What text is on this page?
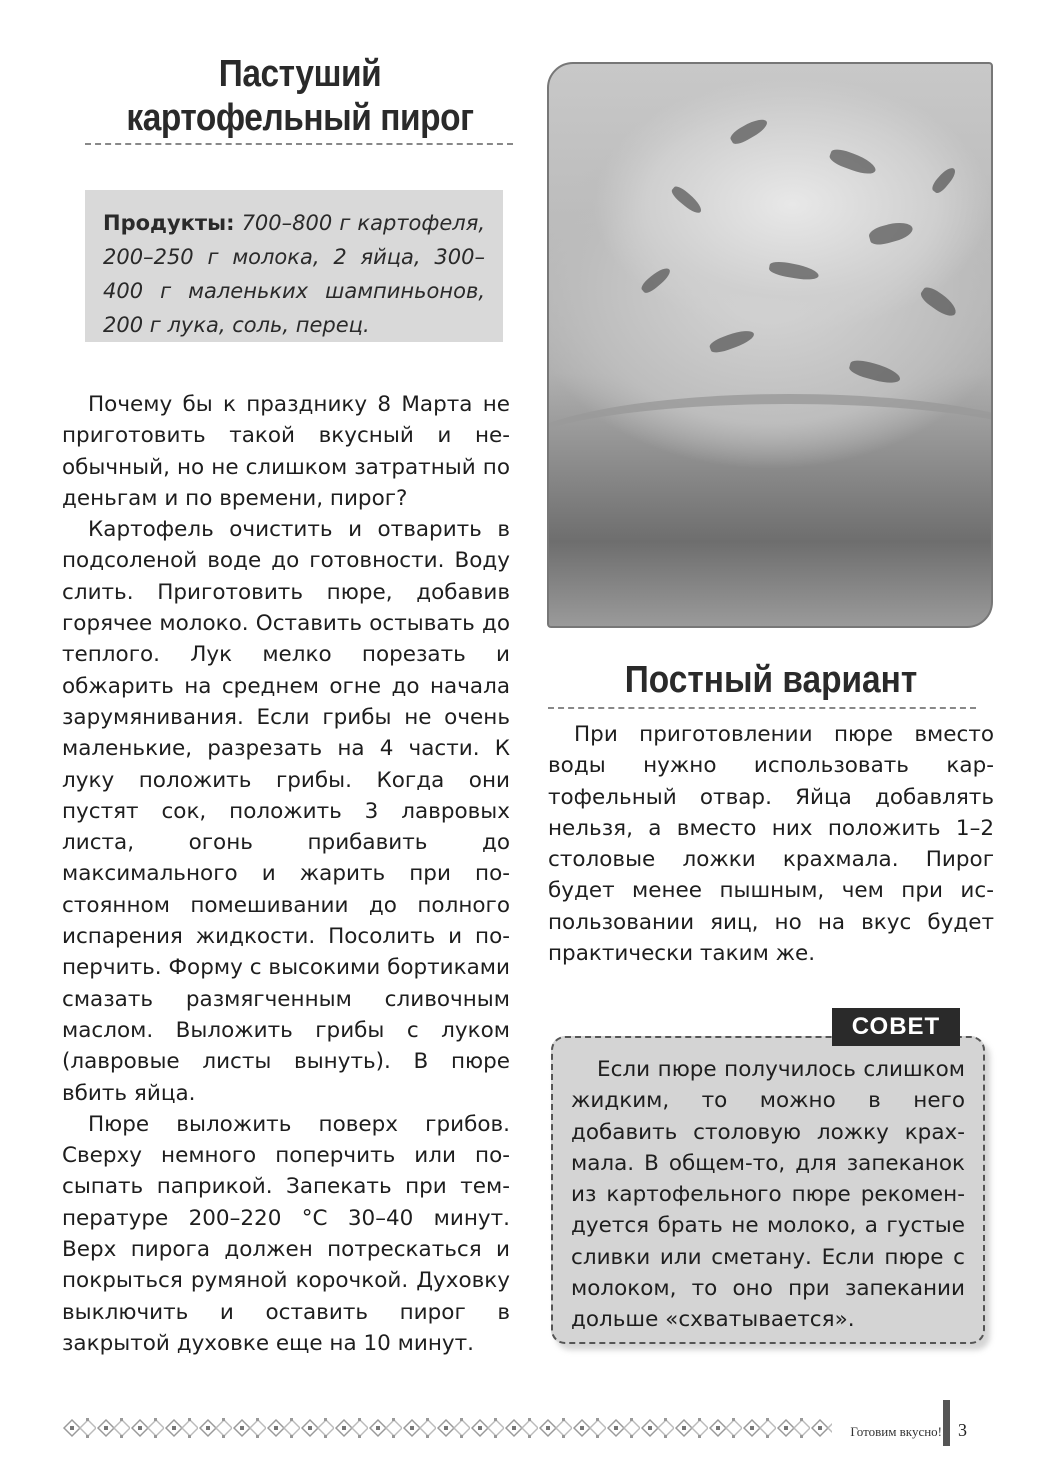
Пастуший
картофельный пирог
Продукты: 700–800 г картофеля, 200–250 г молока, 2 яйца, 300–400 г маленьких шампиньонов, 200 г лука, соль, перец.

Почему бы к празднику 8 Марта не приготовить такой вкусный и необычный, но не слишком затратный по деньгам и по времени, пирог?

Картофель очистить и отварить в подсоленой воде до готовности. Воду слить. Приготовить пюре, добавив горячее молоко. Оставить остывать до теплого. Лук мелко порезать и обжарить на среднем огне до начала зарумянивания. Если грибы не очень маленькие, разрезать на 4 части. К луку положить грибы. Когда они пустят сок, положить 3 лавровых листа, огонь прибавить до максимального и жарить при постоянном помешивании до полного испарения жидкости. Посолить и поперчить. Форму с высокими бортиками смазать размягченным сливочным маслом. Выложить грибы с луком (лавровые листы вынуть). В пюре вбить яйца.

Пюре выложить поверх грибов. Сверху немного поперчить или посыпать паприкой. Запекать при температуре 200–220 °С 30–40 минут. Верх пирога должен потрескаться и покрыться румяной корочкой. Духовку выключить и оставить пирог в закрытой духовке еще на 10 минут.

Постный вариант

При приготовлении пюре вместо воды нужно использовать картофельный отвар. Яйца добавлять нельзя, а вместо них положить 1–2 столовые ложки крахмала. Пирог будет менее пышным, чем при использовании яиц, но на вкус будет практически таким же.

Если пюре получилось слишком жидким, то можно в него добавить столовую ложку крахмала. В общем-то, для запеканок из картофельного пюре рекомендуется брать не молоко, а густые сливки или сметану. Если пюре с молоком, то оно при запекании дольше «схватывается».

СОВЕТ
Готовим вкусно! 3
